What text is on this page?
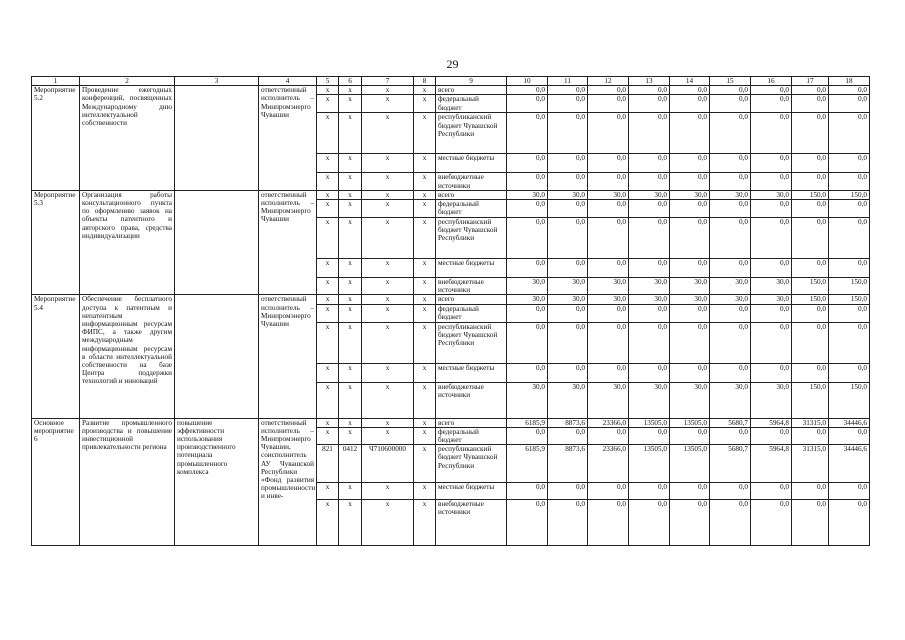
29
1	2	3	4	5	6	7	8	9	10	11	12	13	14	15	16	17	18
Мероприятие 5.2	Проведение ежегодных конференций, посвященных Международному дню интеллектуальной собственности		ответственный исполнитель – Минпромэнерго Чувашии	x	x	x	x	всего	0,0	0,0	0,0	0,0	0,0	0,0	0,0	0,0	0,0
				x	x	x	x	федеральный бюджет	0,0	0,0	0,0	0,0	0,0	0,0	0,0	0,0	0,0
				x	x	x	x	республиканский бюджет Чувашской Республики	0,0	0,0	0,0	0,0	0,0	0,0	0,0	0,0	0,0
				x	x	x	x	местные бюджеты	0,0	0,0	0,0	0,0	0,0	0,0	0,0	0,0	0,0
				x	x	x	x	внебюджетные источники	0,0	0,0	0,0	0,0	0,0	0,0	0,0	0,0	0,0
Мероприятие 5.3	Организация работы консультационного пункта по оформлению заявок на объекты патентного и авторского права, средства индивидуализации		ответственный исполнитель – Минпромэнерго Чувашии	x	x	x	x	всего	30,0	30,0	30,0	30,0	30,0	30,0	30,0	150,0	150,0
				x	x	x	x	федеральный бюджет	0,0	0,0	0,0	0,0	0,0	0,0	0,0	0,0	0,0
				x	x	x	x	республиканский бюджет Чувашской Республики	0,0	0,0	0,0	0,0	0,0	0,0	0,0	0,0	0,0
				x	x	x	x	местные бюджеты	0,0	0,0	0,0	0,0	0,0	0,0	0,0	0,0	0,0
				x	x	x	x	внебюджетные источники	30,0	30,0	30,0	30,0	30,0	30,0	30,0	150,0	150,0
Мероприятие 5.4	Обеспечение бесплатного доступа к патентным и непатентным информационным ресурсам ФИПС, а также другим международным информационным ресурсам в области интеллектуальной собственности на базе Центра поддержки технологий и инноваций		ответственный исполнитель – Минпромэнерго Чувашии	x	x	x	x	всего	30,0	30,0	30,0	30,0	30,0	30,0	30,0	150,0	150,0
				x	x	x	x	федеральный бюджет	0,0	0,0	0,0	0,0	0,0	0,0	0,0	0,0	0,0
				x	x	x	x	республиканский бюджет Чувашской Республики	0,0	0,0	0,0	0,0	0,0	0,0	0,0	0,0	0,0
				x	x	x	x	местные бюджеты	0,0	0,0	0,0	0,0	0,0	0,0	0,0	0,0	0,0
				x	x	x	x	внебюджетные источники	30,0	30,0	30,0	30,0	30,0	30,0	30,0	150,0	150,0
Основное мероприятие 6	Развитие промышленного производства и повышение инвестиционной привлекательности региона	повышение эффективности использования производственного потенциала промышленного комплекса	ответственный исполнитель – Минпромэнерго Чувашии, соисполнитель АУ Чувашской Республики «Фонд развития промышленности и инве-	x	x	x	x	всего	6185,9	8873,6	23366,0	13505,0	13505,0	5680,7	5964,8	31315,0	34446,6
				x	x	x	x	федеральный бюджет	0,0	0,0	0,0	0,0	0,0	0,0	0,0	0,0	0,0
				821	0412	Ч710600000	x	республиканский бюджет Чувашской Республики	6185,9	8873,6	23366,0	13505,0	13505,0	5680,7	5964,8	31315,0	34446,6
				x	x	x	x	местные бюджеты	0,0	0,0	0,0	0,0	0,0	0,0	0,0	0,0	0,0
				x	x	x	x	внебюджетные источники	0,0	0,0	0,0	0,0	0,0	0,0	0,0	0,0	0,0
